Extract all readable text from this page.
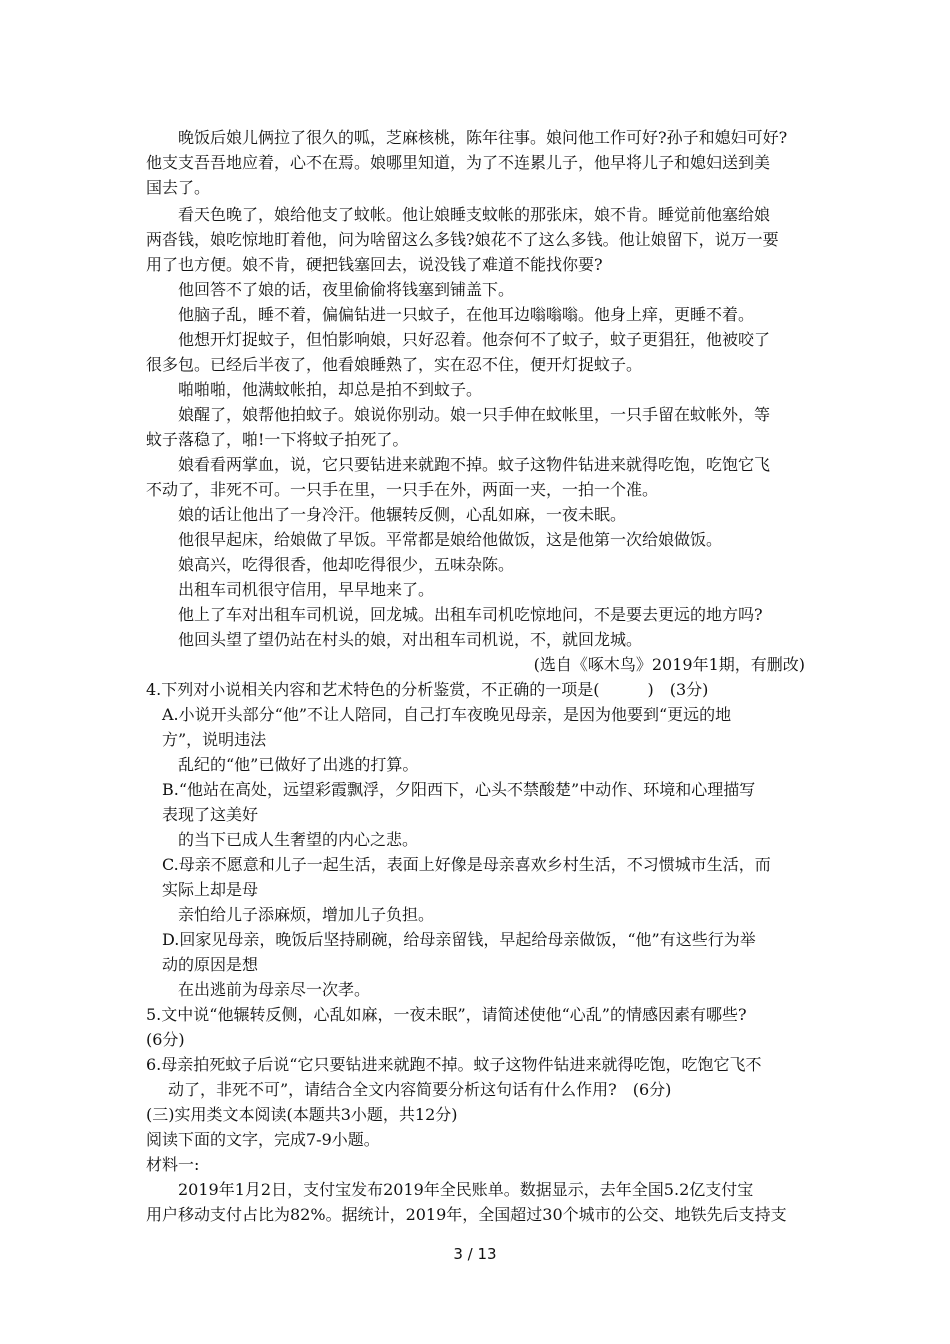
晚饭后娘儿俩拉了很久的呱，芝麻核桃，陈年往事。娘问他工作可好?孙子和媳妇可好?
他支支吾吾地应着，心不在焉。娘哪里知道，为了不连累儿子，他早将儿子和媳妇送到美
国去了。
看天色晚了，娘给他支了蚊帐。他让娘睡支蚊帐的那张床，娘不肯。睡觉前他塞给娘
两沓钱，娘吃惊地盯着他，问为啥留这么多钱?娘花不了这么多钱。他让娘留下，说万一要
用了也方便。娘不肯，硬把钱塞回去，说没钱了难道不能找你要?
他回答不了娘的话，夜里偷偷将钱塞到铺盖下。
他脑子乱，睡不着，偏偏钻进一只蚊子，在他耳边嗡嗡嗡。他身上痒，更睡不着。
他想开灯捉蚊子，但怕影响娘，只好忍着。他奈何不了蚊子，蚊子更猖狂，他被咬了
很多包。已经后半夜了，他看娘睡熟了，实在忍不住，便开灯捉蚊子。
啪啪啪，他满蚊帐拍，却总是拍不到蚊子。
娘醒了，娘帮他拍蚊子。娘说你别动。娘一只手伸在蚊帐里，一只手留在蚊帐外，等
蚊子落稳了，啪!一下将蚊子拍死了。
娘看看两掌血，说，它只要钻进来就跑不掉。蚊子这物件钻进来就得吃饱，吃饱它飞
不动了，非死不可。一只手在里，一只手在外，两面一夹，一拍一个准。
娘的话让他出了一身冷汗。他辗转反侧，心乱如麻，一夜未眠。
他很早起床，给娘做了早饭。平常都是娘给他做饭，这是他第一次给娘做饭。
娘高兴，吃得很香，他却吃得很少，五味杂陈。
出租车司机很守信用，早早地来了。
他上了车对出租车司机说，回龙城。出租车司机吃惊地问，不是要去更远的地方吗?
他回头望了望仍站在村头的娘，对出租车司机说，不，就回龙城。
(选自《啄木鸟》2019年1期，有删改)
4.下列对小说相关内容和艺术特色的分析鉴赏，不正确的一项是(　　　)　(3分)
A.小说开头部分“他”不让人陪同，自己打车夜晚见母亲，是因为他要到“更远的地
方”，说明违法
乱纪的“他”已做好了出逃的打算。
B.“他站在高处，远望彩霞飘浮，夕阳西下，心头不禁酸楚”中动作、环境和心理描写
表现了这美好
的当下已成人生奢望的内心之悲。
C.母亲不愿意和儿子一起生活，表面上好像是母亲喜欢乡村生活，不习惯城市生活，而
实际上却是母
亲怕给儿子添麻烦，增加儿子负担。
D.回家见母亲，晚饭后坚持刷碗，给母亲留钱，早起给母亲做饭，“他”有这些行为举
动的原因是想
在出逃前为母亲尽一次孝。
5.文中说“他辗转反侧，心乱如麻，一夜未眠”，请简述使他“心乱”的情感因素有哪些?
(6分)
6.母亲拍死蚊子后说“它只要钻进来就跑不掉。蚊子这物件钻进来就得吃饱，吃饱它飞不
动了，非死不可”，请结合全文内容简要分析这句话有什么作用?　(6分)
(三)实用类文本阅读(本题共3小题，共12分)
阅读下面的文字，完成7-9小题。
材料一:
2019年1月2日，支付宝发布2019年全民账单。数据显示，去年全国5.2亿支付宝
用户移动支付占比为82%。据统计，2019年，全国超过30个城市的公交、地铁先后支持支
3 / 13
